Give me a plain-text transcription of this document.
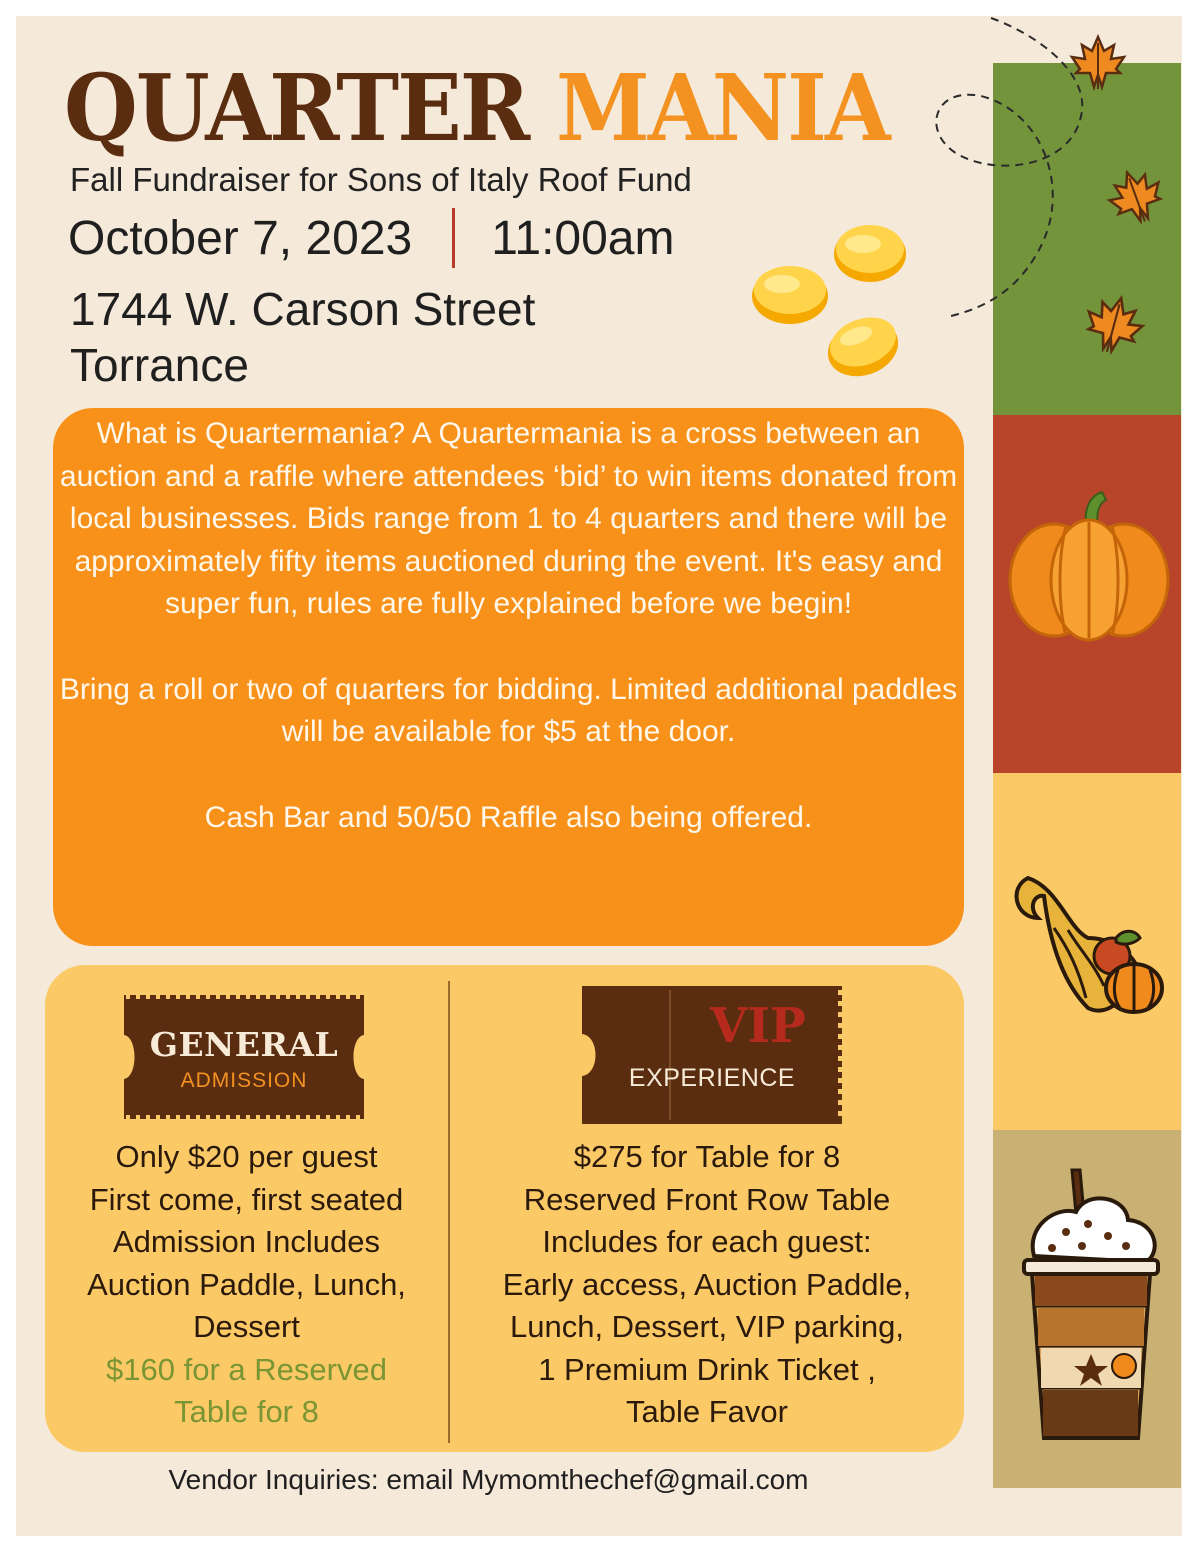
QUARTER MANIA
Fall Fundraiser for Sons of Italy Roof Fund
October 7, 2023 11:00am
1744 W. Carson Street
Torrance

What is Quartermania? A Quartermania is a cross between an auction and a raffle where attendees ‘bid’ to win items donated from local businesses. Bids range from 1 to 4 quarters and there will be approximately fifty items auctioned during the event. It's easy and super fun, rules are fully explained before we begin!

Bring a roll or two of quarters for bidding. Limited additional paddles will be available for $5 at the door.

Cash Bar and 50/50 Raffle also being offered.

GENERAL
ADMISSION
VIP
EXPERIENCE
Only $20 per guest
First come, first seated
Admission Includes
Auction Paddle, Lunch,
Dessert
$160 for a Reserved
Table for 8
$275 for Table for 8
Reserved Front Row Table
Includes for each guest:
Early access, Auction Paddle,
Lunch, Dessert, VIP parking,
1 Premium Drink Ticket ,
Table Favor
Vendor Inquiries: email Mymomthechef@gmail.com
